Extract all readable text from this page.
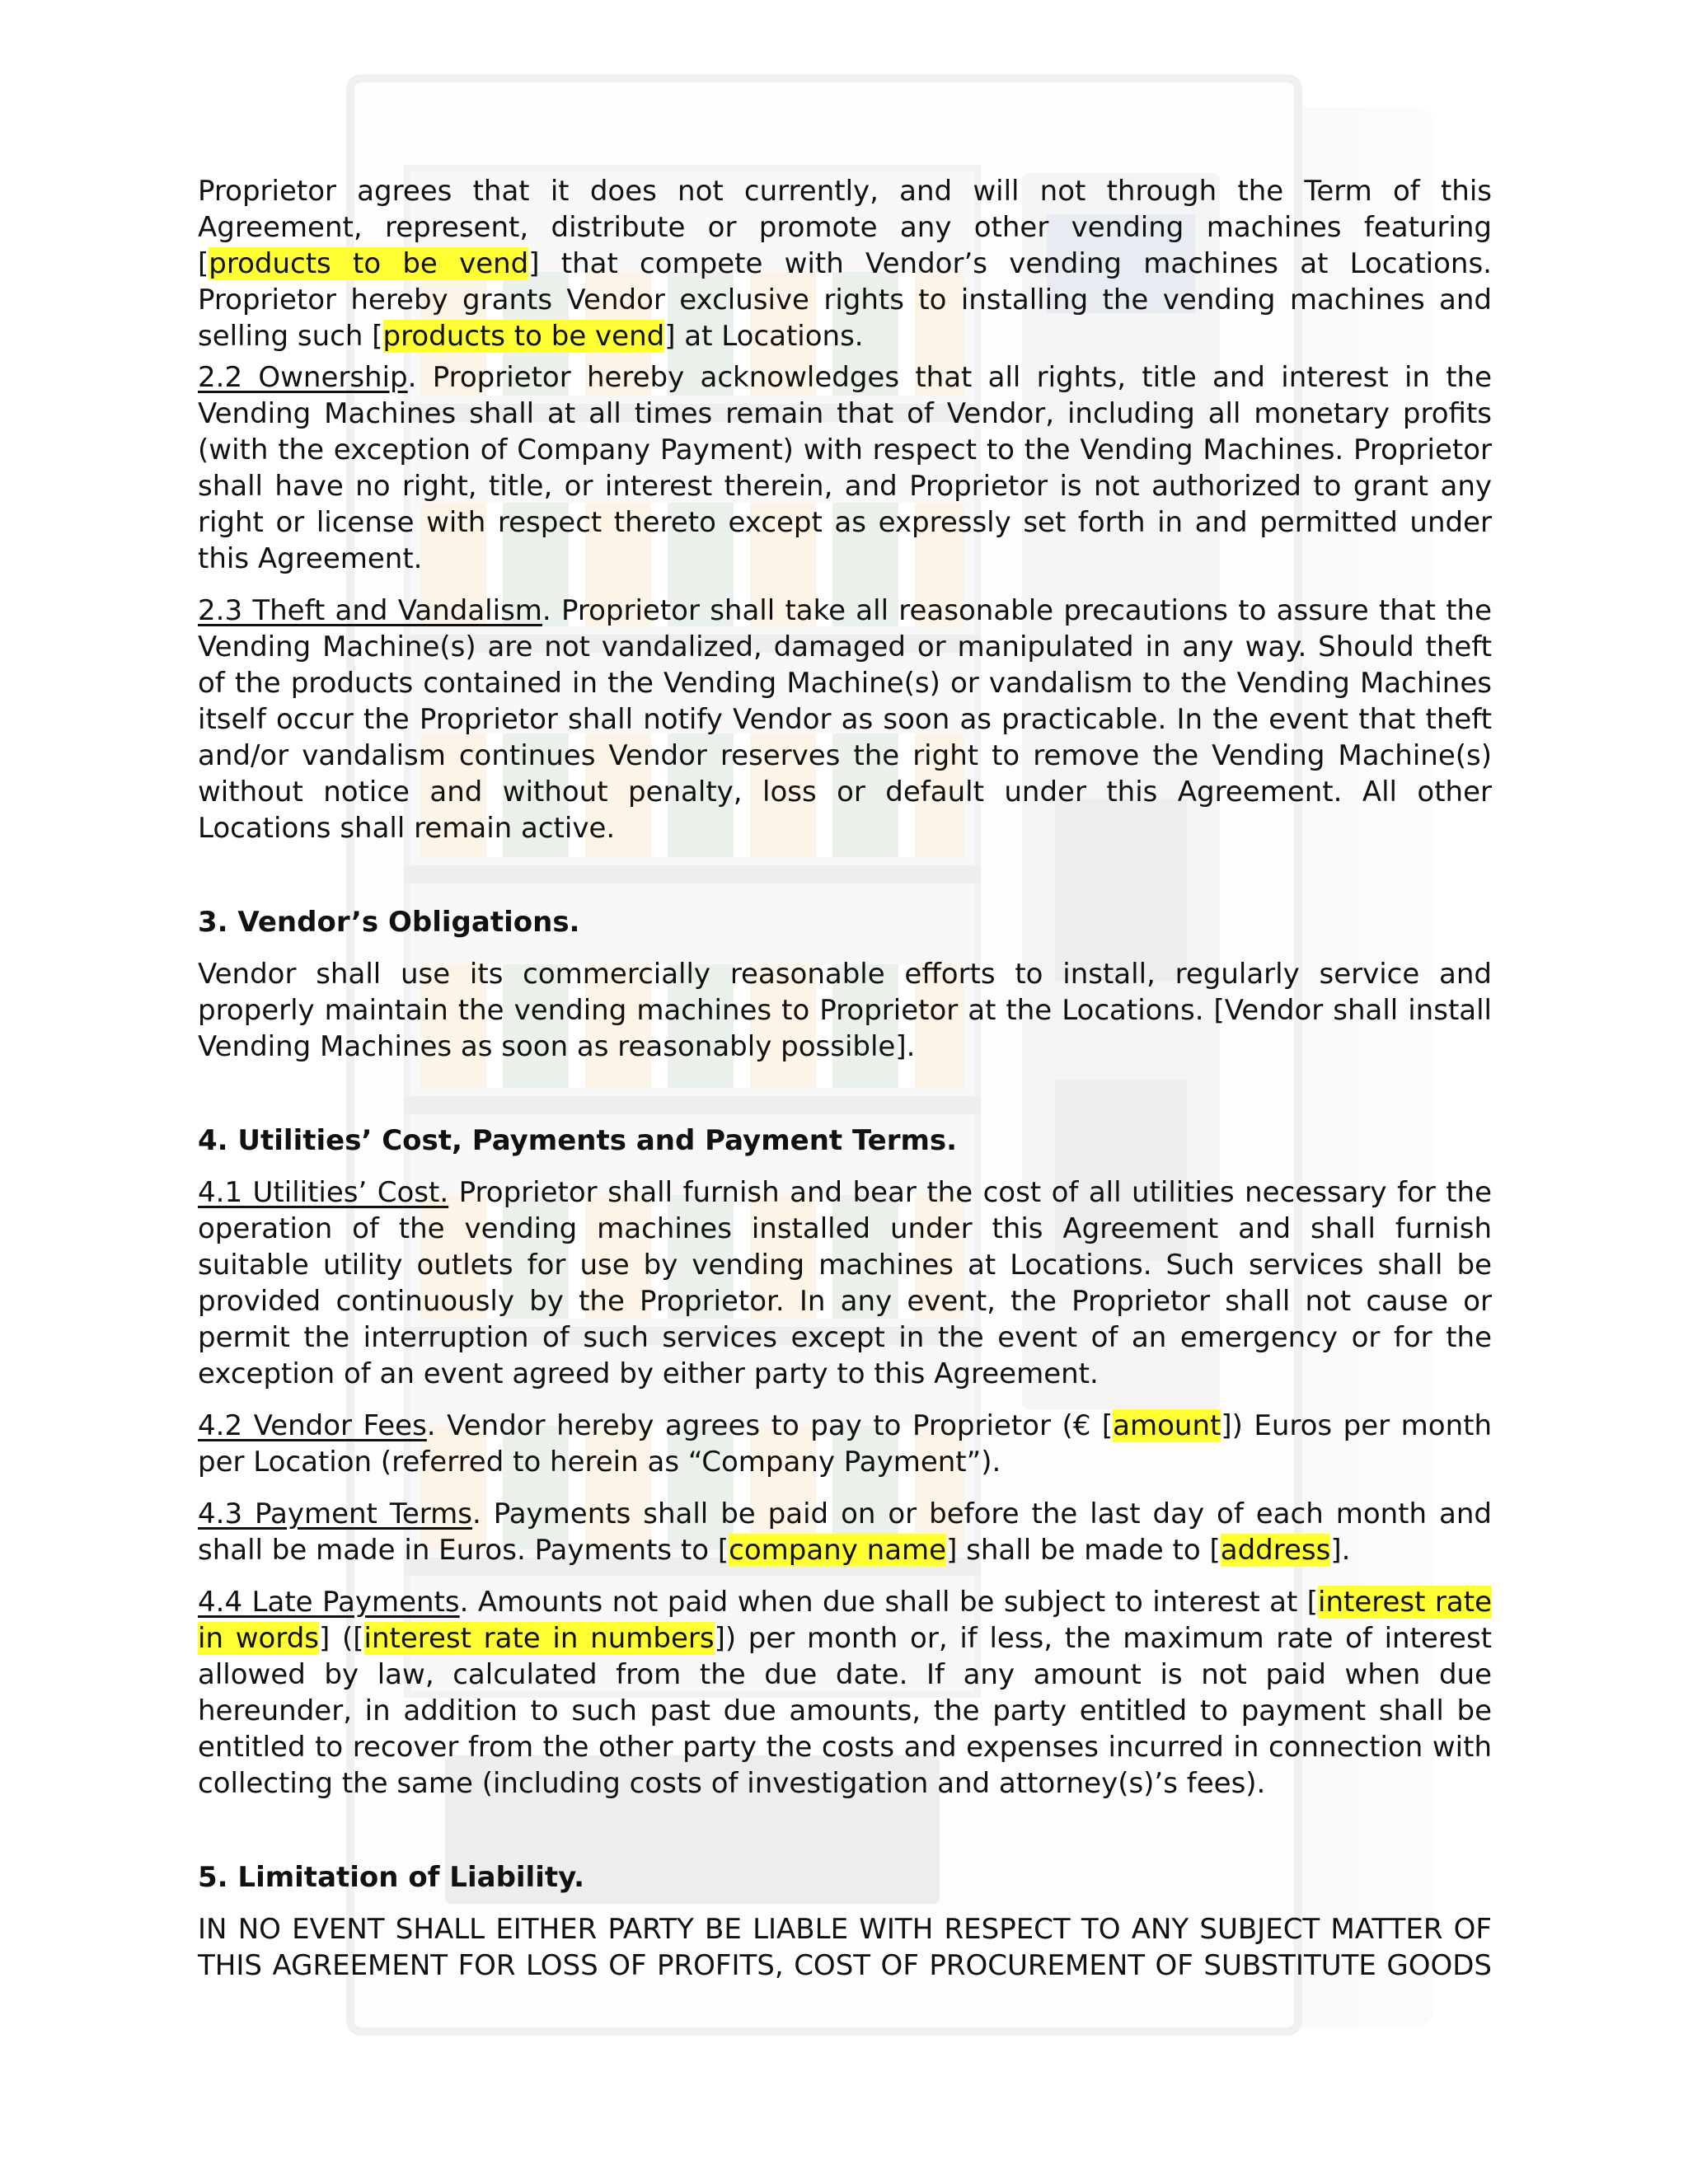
Proprietor agrees that it does not currently, and will not through the Term of this Agreement, represent, distribute or promote any other vending machines featuring [products to be vend] that compete with Vendor’s vending machines at Locations. Proprietor hereby grants Vendor exclusive rights to installing the vending machines and selling such [products to be vend] at Locations.

2.2 Ownership. Proprietor hereby acknowledges that all rights, title and interest in the Vending Machines shall at all times remain that of Vendor, including all monetary profits (with the exception of Company Payment) with respect to the Vending Machines. Proprietor shall have no right, title, or interest therein, and Proprietor is not authorized to grant any right or license with respect thereto except as expressly set forth in and permitted under this Agreement.

2.3 Theft and Vandalism. Proprietor shall take all reasonable precautions to assure that the Vending Machine(s) are not vandalized, damaged or manipulated in any way. Should theft of the products contained in the Vending Machine(s) or vandalism to the Vending Machines itself occur the Proprietor shall notify Vendor as soon as practicable. In the event that theft and/or vandalism continues Vendor reserves the right to remove the Vending Machine(s) without notice and without penalty, loss or default under this Agreement. All other Locations shall remain active.

3. Vendor’s Obligations.

Vendor shall use its commercially reasonable efforts to install, regularly service and properly maintain the vending machines to Proprietor at the Locations. [Vendor shall install Vending Machines as soon as reasonably possible].

4. Utilities’ Cost, Payments and Payment Terms.

4.1 Utilities’ Cost. Proprietor shall furnish and bear the cost of all utilities necessary for the operation of the vending machines installed under this Agreement and shall furnish suitable utility outlets for use by vending machines at Locations. Such services shall be provided continuously by the Proprietor. In any event, the Proprietor shall not cause or permit the interruption of such services except in the event of an emergency or for the exception of an event agreed by either party to this Agreement.

4.2 Vendor Fees. Vendor hereby agrees to pay to Proprietor (€ [amount]) Euros per month per Location (referred to herein as “Company Payment”).

4.3 Payment Terms. Payments shall be paid on or before the last day of each month and shall be made in Euros. Payments to [company name] shall be made to [address].

4.4 Late Payments. Amounts not paid when due shall be subject to interest at [interest rate in words] ([interest rate in numbers]) per month or, if less, the maximum rate of interest allowed by law, calculated from the due date. If any amount is not paid when due hereunder, in addition to such past due amounts, the party entitled to payment shall be entitled to recover from the other party the costs and expenses incurred in connection with collecting the same (including costs of investigation and attorney(s)’s fees).

5. Limitation of Liability.

IN NO EVENT SHALL EITHER PARTY BE LIABLE WITH RESPECT TO ANY SUBJECT MATTER OF THIS AGREEMENT FOR LOSS OF PROFITS, COST OF PROCUREMENT OF SUBSTITUTE GOODS
